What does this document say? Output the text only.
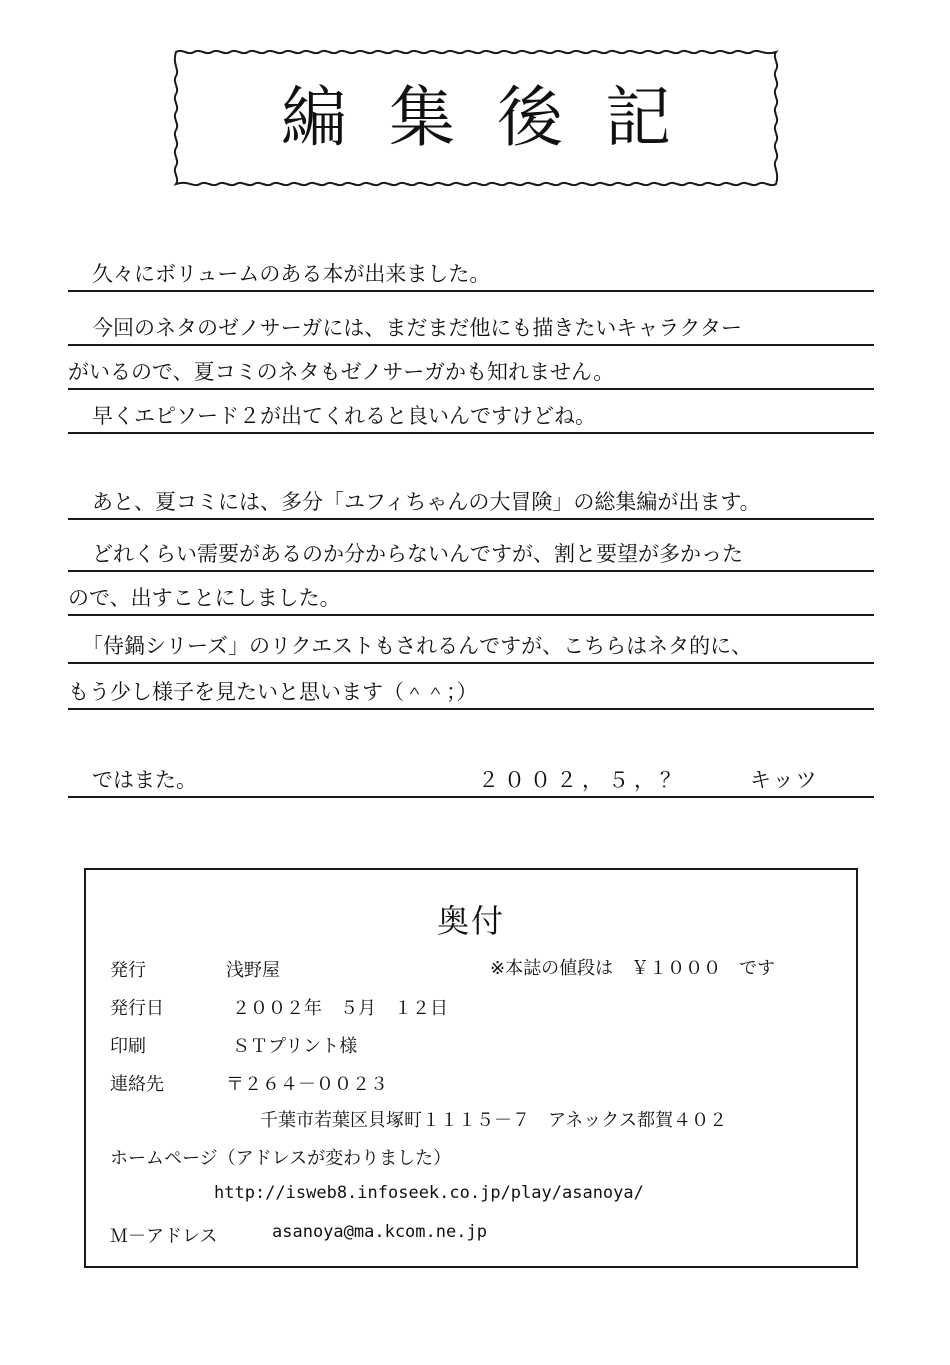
編集後記
久々にボリュームのある本が出来ました。
今回のネタのゼノサーガには、まだまだ他にも描きたいキャラクター
がいるので、夏コミのネタもゼノサーガかも知れません。
早くエピソード２が出てくれると良いんですけどね。
あと、夏コミには、多分「ユフィちゃんの大冒険」の総集編が出ます。
どれくらい需要があるのか分からないんですが、割と要望が多かった
ので、出すことにしました。
「侍鍋シリーズ」のリクエストもされるんですが、こちらはネタ的に、
もう少し様子を見たいと思います（＾＾；）
ではまた。	２００２，５，？	キッツ
奥付
発行	浅野屋	※本誌の値段は　￥１０００　です
発行日	２００２年　５月　１２日
印刷	ＳＴプリント様
連絡先	〒２６４－００２３
千葉市若葉区貝塚町１１１５－７　アネックス都賀４０２
ホームページ（アドレスが変わりました）
http://isweb8.infoseek.co.jp/play/asanoya/
Ｍ－アドレス	asanoya@ma.kcom.ne.jp
